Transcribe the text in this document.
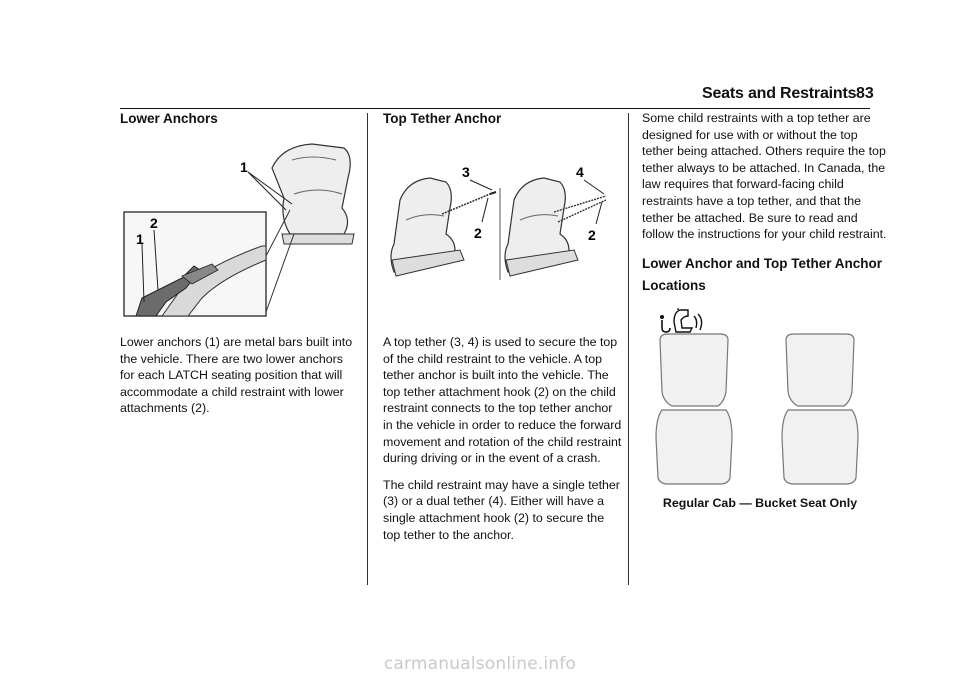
Seats and Restraints 83
Lower Anchors
1
2
1

Lower anchors (1) are metal bars built into the vehicle. There are two lower anchors for each LATCH seating position that will accommodate a child restraint with lower attachments (2).

Top Tether Anchor
3	4
2	2

A top tether (3, 4) is used to secure the top of the child restraint to the vehicle. A top tether anchor is built into the vehicle. The top tether attachment hook (2) on the child restraint connects to the top tether anchor in the vehicle in order to reduce the forward movement and rotation of the child restraint during driving or in the event of a crash.

The child restraint may have a single tether (3) or a dual tether (4). Either will have a single attachment hook (2) to secure the top tether to the anchor.

Some child restraints with a top tether are designed for use with or without the top tether being attached. Others require the top tether always to be attached. In Canada, the law requires that forward-facing child restraints have a top tether, and that the tether be attached. Be sure to read and follow the instructions for your child restraint.

Lower Anchor and Top Tether Anchor
Locations
Regular Cab — Bucket Seat Only
carmanualsonline.info
